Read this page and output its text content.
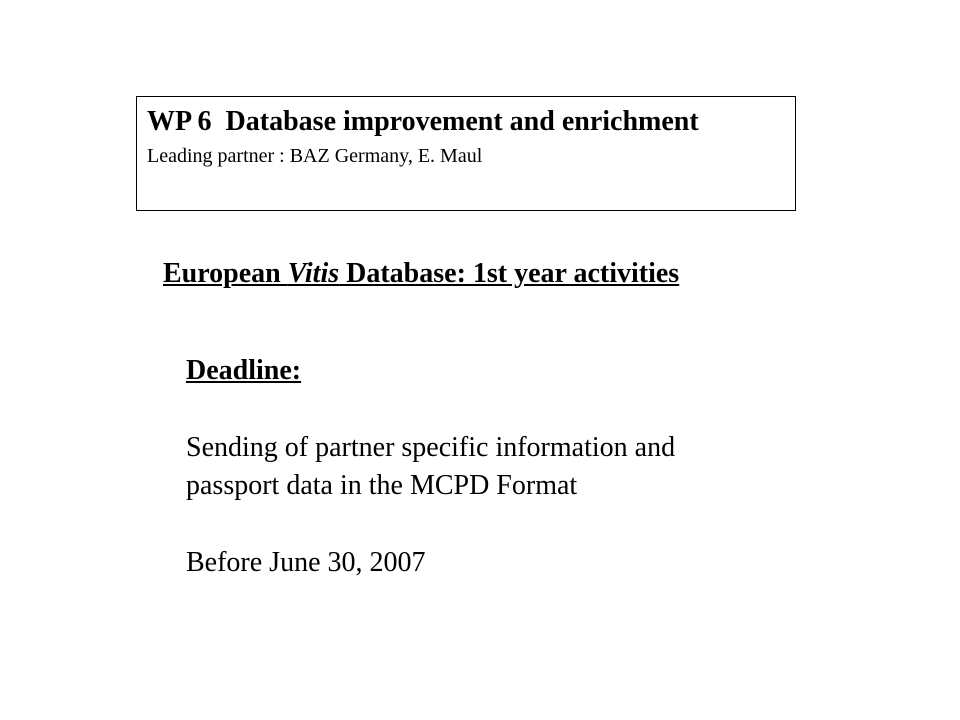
WP 6  Database improvement and enrichment
Leading partner : BAZ Germany, E. Maul
European Vitis Database: 1st year activities
Deadline:
Sending of partner specific information and
passport data in the MCPD Format
Before June 30, 2007
